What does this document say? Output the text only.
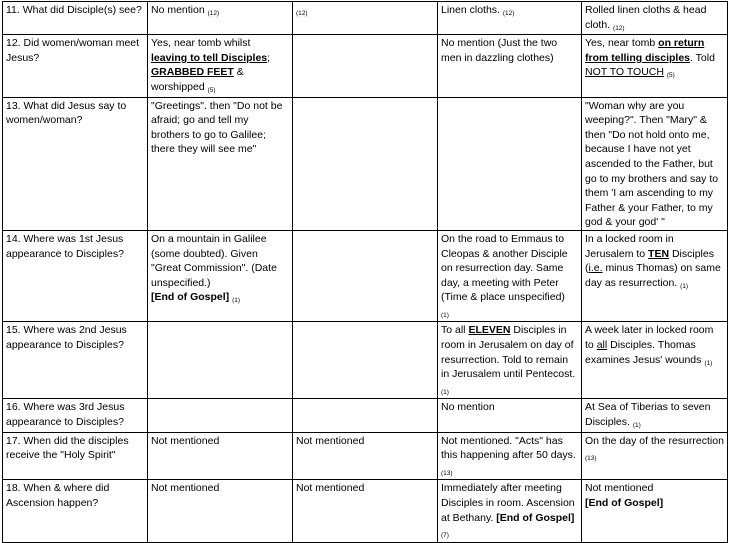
11. What did Disciple(s) see?	No mention (12)	(12)	Linen cloths. (12)	Rolled linen cloths & head cloth. (12)
12. Did women/woman meet Jesus?	Yes, near tomb whilst leaving to tell Disciples;
GRABBED FEET &
worshipped (5)		No mention (Just the two men in dazzling clothes)	Yes, near tomb on return from telling disciples. Told NOT TO TOUCH (5)
13. What did Jesus say to women/woman?	"Greetings". then "Do not be afraid; go and tell my brothers to go to Galilee; there they will see me"			"Woman why are you weeping?". Then "Mary" & then "Do not hold onto me, because I have not yet ascended to the Father, but go to my brothers and say to them 'I am ascending to my Father & your Father, to my god & your god' "
14. Where was 1st Jesus appearance to Disciples?	On a mountain in Galilee (some doubted). Given "Great Commission". (Date unspecified.)
[End of Gospel] (1)		On the road to Emmaus to Cleopas & another Disciple on resurrection day. Same day, a meeting with Peter (Time & place unspecified)
(1)	In a locked room in Jerusalem to TEN Disciples (i.e. minus Thomas) on same day as resurrection. (1)
15. Where was 2nd Jesus appearance to Disciples?			To all ELEVEN Disciples in room in Jerusalem on day of resurrection. Told to remain in Jerusalem until Pentecost. (1)	A week later in locked room to all Disciples. Thomas examines Jesus' wounds (1)
16. Where was 3rd Jesus appearance to Disciples?			No mention	At Sea of Tiberias to seven Disciples. (1)
17. When did the disciples receive the "Holy Spirit"	Not mentioned	Not mentioned	Not mentioned. "Acts" has this happening after 50 days. (13)	On the day of the resurrection (13)
18. When & where did Ascension happen?	Not mentioned	Not mentioned	Immediately after meeting Disciples in room. Ascension at Bethany. [End of Gospel] (7)	Not mentioned
[End of Gospel]
